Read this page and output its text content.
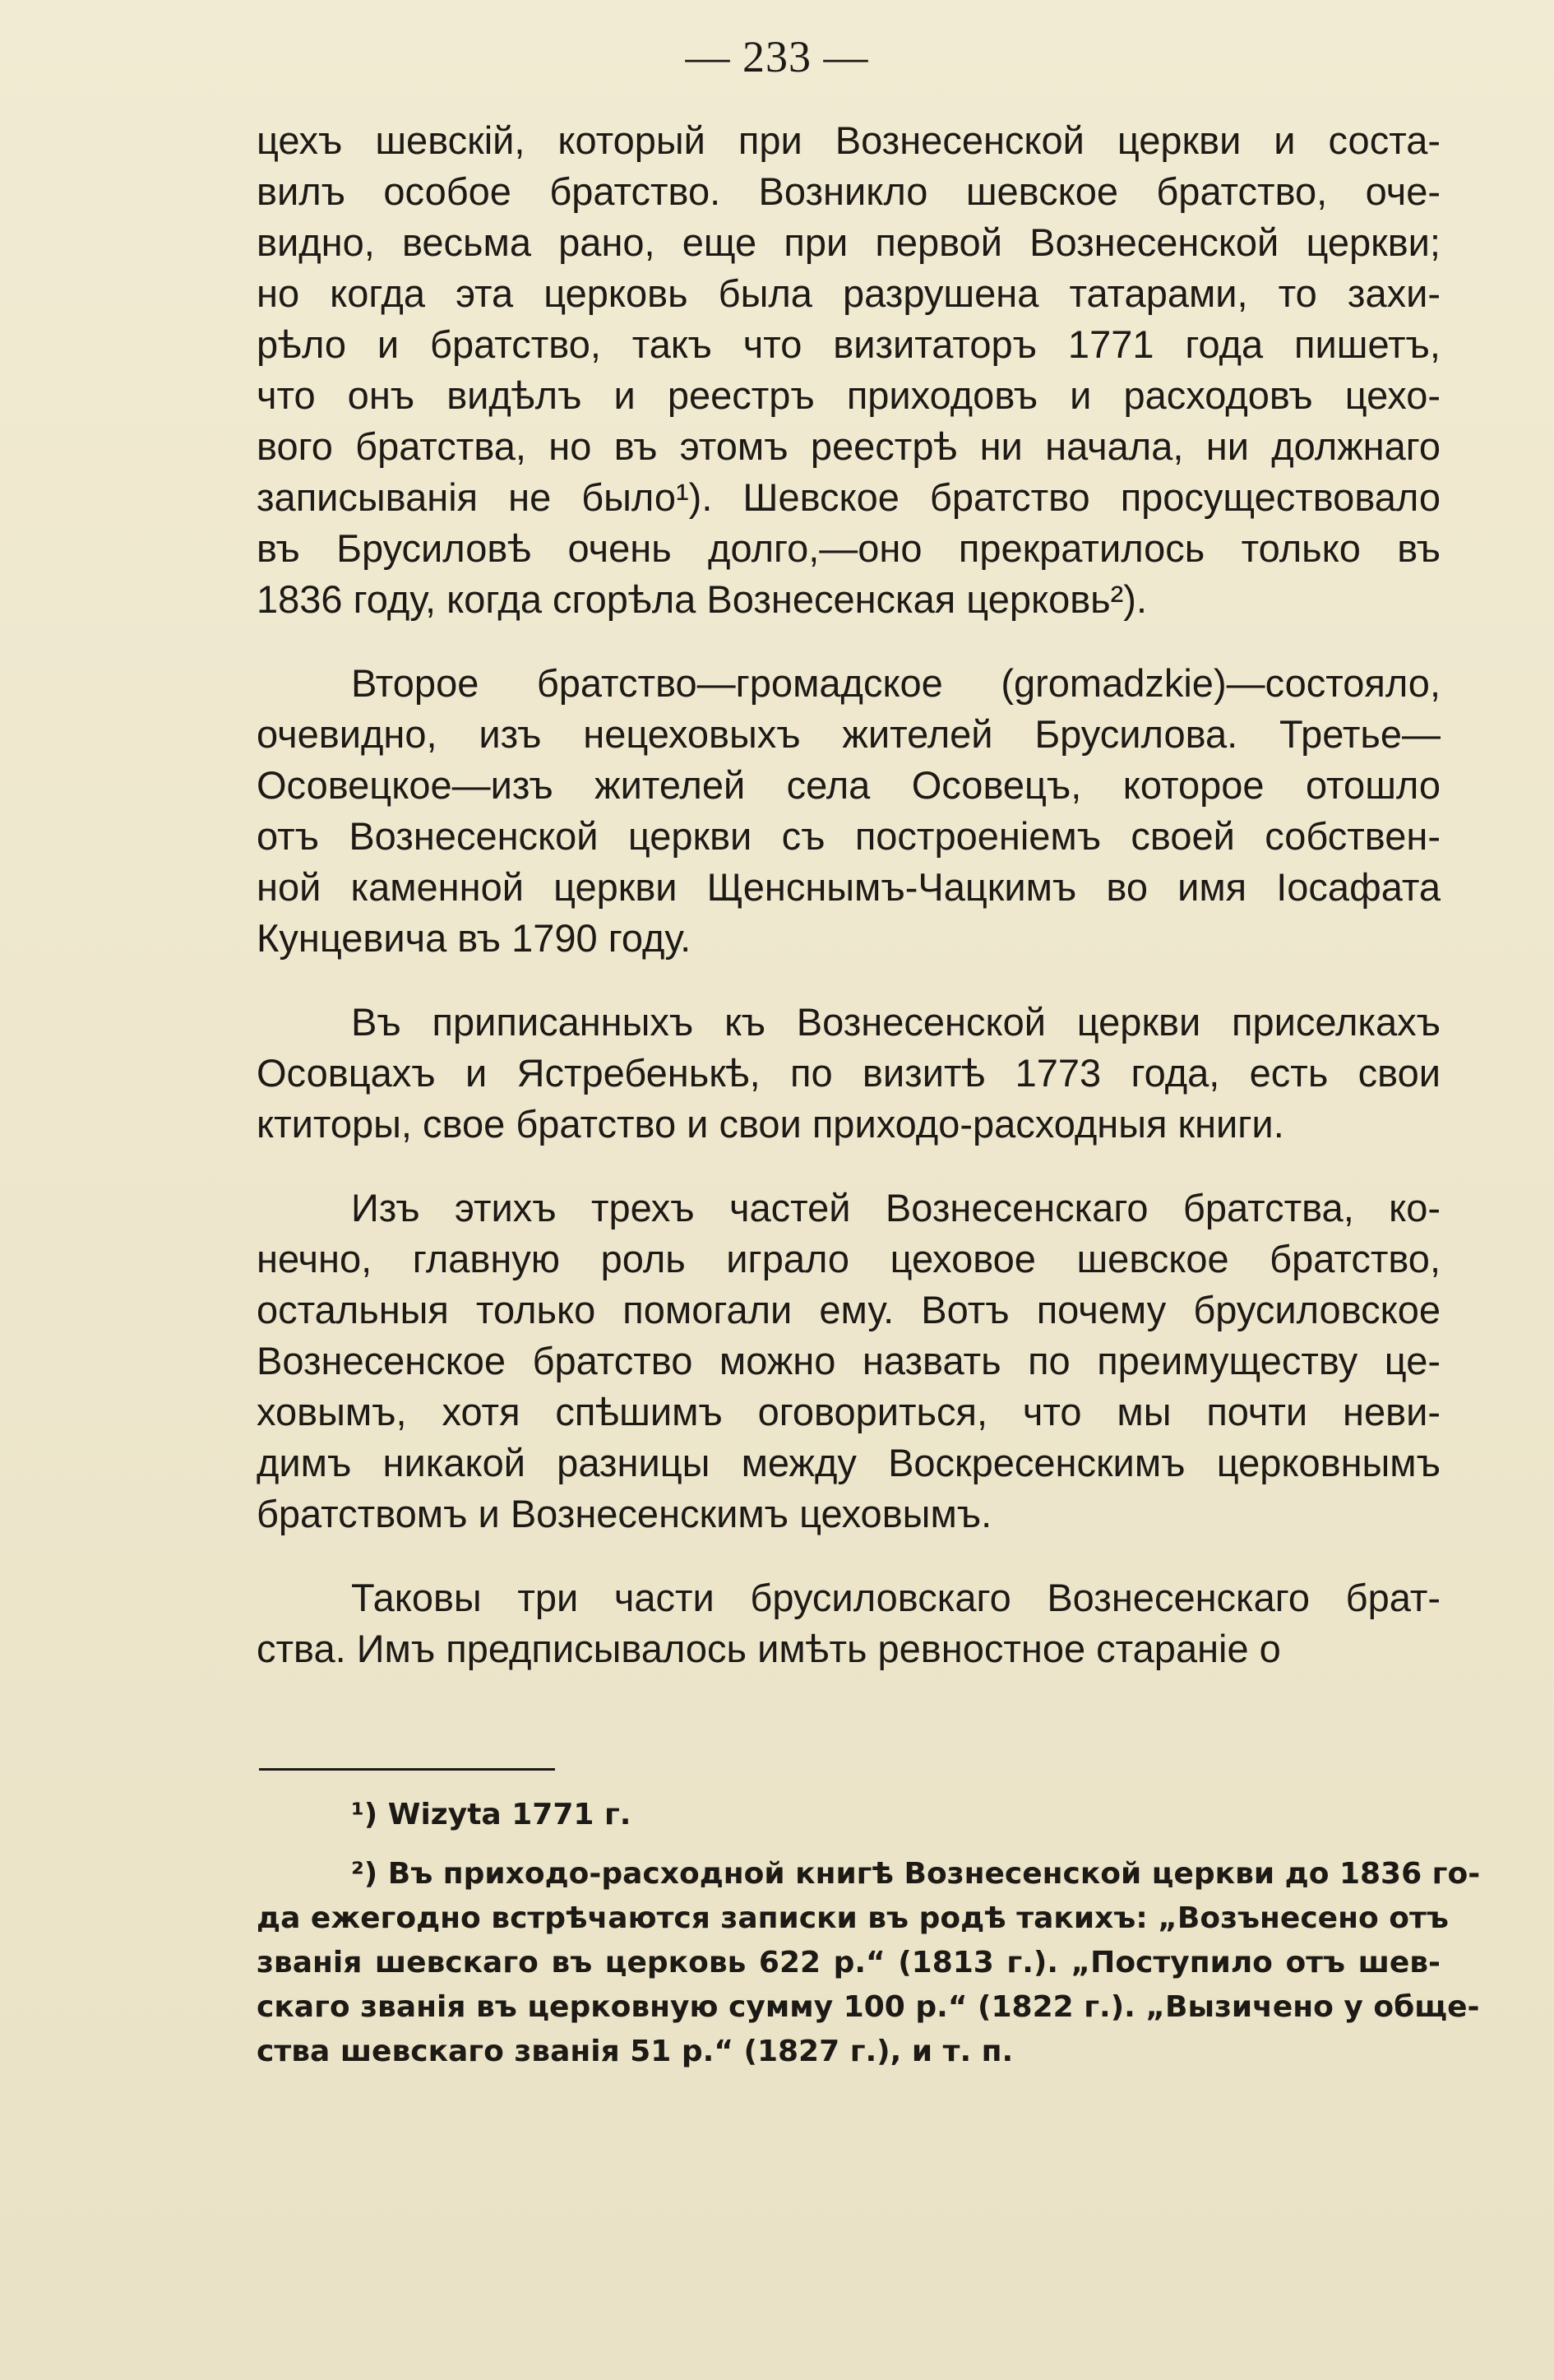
— 233 —
цехъ шевскій, который при Вознесенской церкви и соста-
вилъ особое братство. Возникло шевское братство, оче-
видно, весьма рано, еще при первой Вознесенской церкви;
но когда эта церковь была разрушена татарами, то захи-
рѣло и братство, такъ что визитаторъ 1771 года пишетъ,
что онъ видѣлъ и реестръ приходовъ и расходовъ цехо-
вого братства, но въ этомъ реестрѣ ни начала, ни должнаго
записыванія не было¹). Шевское братство просуществовало
въ Брусиловѣ очень долго,—оно прекратилось только въ
1836 году, когда сгорѣла Вознесенская церковь²).
Второе братство—громадское (gromadzkie)—состояло,
очевидно, изъ нецеховыхъ жителей Брусилова. Третье—
Осовецкое—изъ жителей села Осовецъ, которое отошло
отъ Вознесенской церкви съ построеніемъ своей собствен-
ной каменной церкви Щенснымъ-Чацкимъ во имя Іосафата
Кунцевича въ 1790 году.
Въ приписанныхъ къ Вознесенской церкви приселкахъ
Осовцахъ и Ястребенькѣ, по визитѣ 1773 года, есть свои
ктиторы, свое братство и свои приходо-расходныя книги.
Изъ этихъ трехъ частей Вознесенскаго братства, ко-
нечно, главную роль играло цеховое шевское братство,
остальныя только помогали ему. Вотъ почему брусиловское
Вознесенское братство можно назвать по преимуществу це-
ховымъ, хотя спѣшимъ оговориться, что мы почти неви-
димъ никакой разницы между Воскресенскимъ церковнымъ
братствомъ и Вознесенскимъ цеховымъ.
Таковы три части брусиловскаго Вознесенскаго брат-
ства. Имъ предписывалось имѣть ревностное стараніе о
¹) Wizyta 1771 г.
²) Въ приходо-расходной книгѣ Вознесенской церкви до 1836 го-
да ежегодно встрѣчаются записки въ родѣ такихъ: „Возънесено отъ
званія шевскаго въ церковь 622 р.“ (1813 г.). „Поступило отъ шев-
скаго званія въ церковную сумму 100 р.“ (1822 г.). „Вызичено у обще-
ства шевскаго званія 51 р.“ (1827 г.), и т. п.
